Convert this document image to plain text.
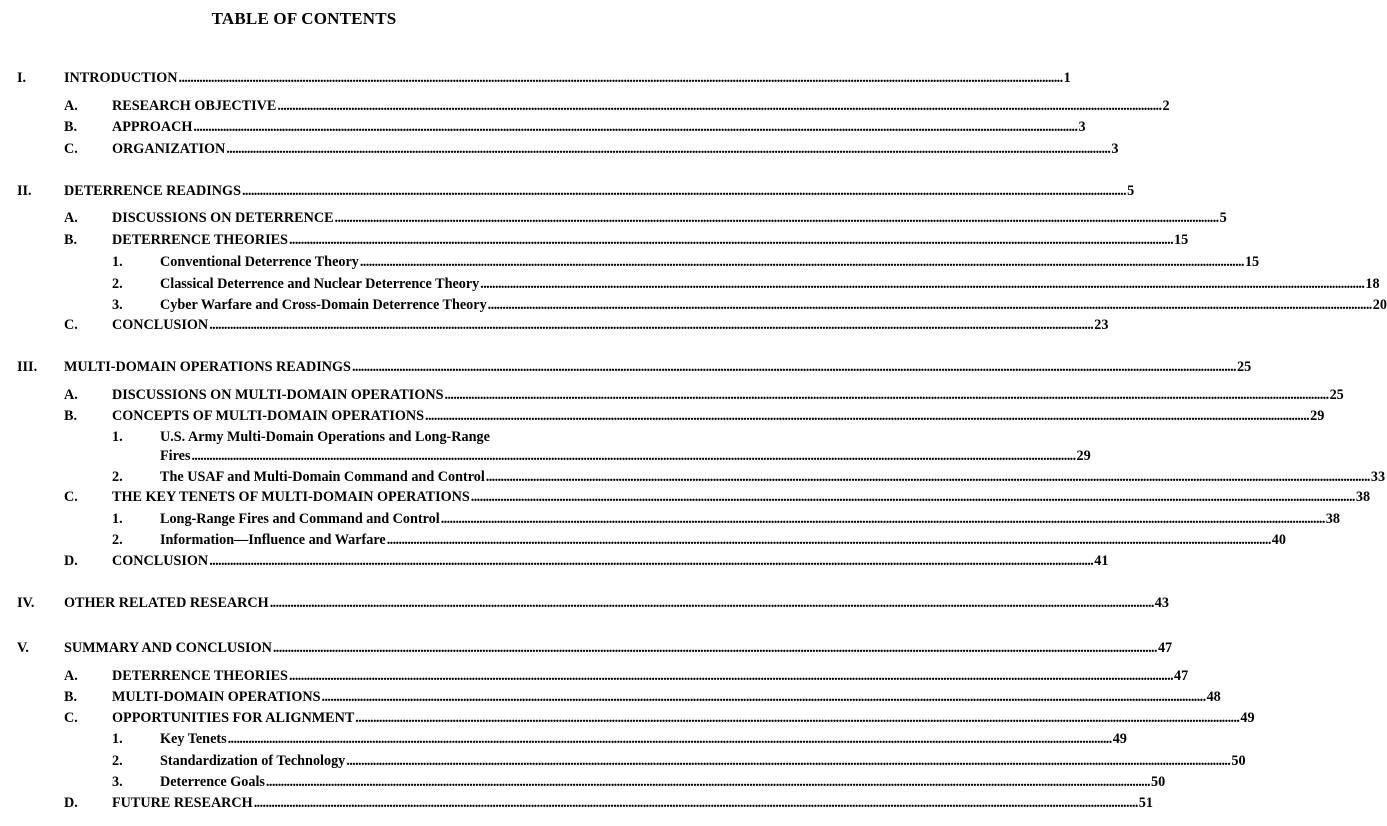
TABLE OF CONTENTS
I.	INTRODUCTION ............................................................................................................................................................................................................................................................................................................ 1
A. RESEARCH OBJECTIVE ............................................................................................................................................................................................................................................................................................................ 2
B. APPROACH ............................................................................................................................................................................................................................................................................................................ 3
C. ORGANIZATION ............................................................................................................................................................................................................................................................................................................ 3
II. DETERRENCE READINGS ............................................................................................................................................................................................................................................................................................................ 5
A. DISCUSSIONS ON DETERRENCE ............................................................................................................................................................................................................................................................................................................ 5
B. DETERRENCE THEORIES ............................................................................................................................................................................................................................................................................................................ 15
1.	Conventional Deterrence Theory ............................................................................................................................................................................................................................................................................................................ 15
2.	Classical Deterrence and Nuclear Deterrence Theory ............................................................................................................................................................................................................................................................................................................ 18
3.	Cyber Warfare and Cross-Domain Deterrence Theory ............................................................................................................................................................................................................................................................................................................ 20
C. CONCLUSION ............................................................................................................................................................................................................................................................................................................ 23
III. MULTI-DOMAIN OPERATIONS READINGS ............................................................................................................................................................................................................................................................................................................ 25
A. DISCUSSIONS ON MULTI-DOMAIN OPERATIONS ............................................................................................................................................................................................................................................................................................................ 25
B. CONCEPTS OF MULTI-DOMAIN OPERATIONS ............................................................................................................................................................................................................................................................................................................ 29
1.	U.S. Army Multi-Domain Operations and Long-Range
Fires ............................................................................................................................................................................................................................................................................................................ 29
2.	The USAF and Multi-Domain Command and Control ............................................................................................................................................................................................................................................................................................................ 33
C. THE KEY TENETS OF MULTI-DOMAIN OPERATIONS ............................................................................................................................................................................................................................................................................................................ 38
1.	Long-Range Fires and Command and Control ............................................................................................................................................................................................................................................................................................................ 38
2.	Information—Influence and Warfare ............................................................................................................................................................................................................................................................................................................ 40
D. CONCLUSION ............................................................................................................................................................................................................................................................................................................ 41
IV. OTHER RELATED RESEARCH ............................................................................................................................................................................................................................................................................................................ 43
V. SUMMARY AND CONCLUSION ............................................................................................................................................................................................................................................................................................................ 47
A. DETERRENCE THEORIES ............................................................................................................................................................................................................................................................................................................ 47
B. MULTI-DOMAIN OPERATIONS ............................................................................................................................................................................................................................................................................................................ 48
C. OPPORTUNITIES FOR ALIGNMENT ............................................................................................................................................................................................................................................................................................................ 49
1.	Key Tenets ............................................................................................................................................................................................................................................................................................................ 49
2.	Standardization of Technology ............................................................................................................................................................................................................................................................................................................ 50
3.	Deterrence Goals ............................................................................................................................................................................................................................................................................................................ 50
D. FUTURE RESEARCH ............................................................................................................................................................................................................................................................................................................ 51
